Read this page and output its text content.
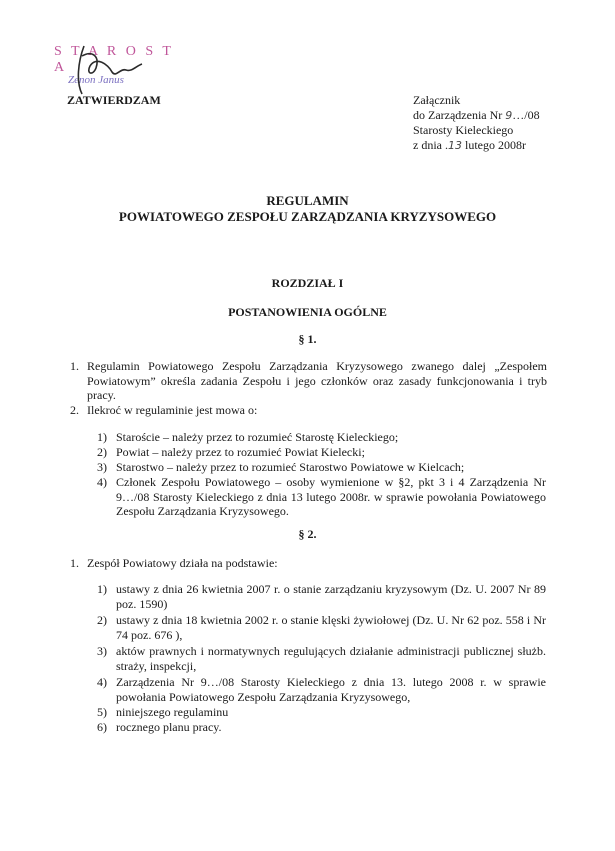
S T A R O S T A
Zenon Janus
ZATWIERDZAM	Załącznik
do Zarządzenia Nr 9…/08
Starosty Kieleckiego
z dnia .13 lutego 2008r
REGULAMIN
POWIATOWEGO ZESPOŁU ZARZĄDZANIA KRYZYSOWEGO
ROZDZIAŁ I
POSTANOWIENIA OGÓLNE
§ 1.
1. Regulamin Powiatowego Zespołu Zarządzania Kryzysowego zwanego dalej „Zespołem Powiatowym” określa zadania Zespołu i jego członków oraz zasady funkcjonowania i tryb pracy.
2. Ilekroć w regulaminie jest mowa o:
1) Staroście – należy przez to rozumieć Starostę Kieleckiego;
2) Powiat – należy przez to rozumieć Powiat Kielecki;
3) Starostwo – należy przez to rozumieć Starostwo Powiatowe w Kielcach;
4) Członek Zespołu Powiatowego – osoby wymienione w §2, pkt 3 i 4 Zarządzenia Nr 9…/08 Starosty Kieleckiego z dnia 13 lutego 2008r. w sprawie powołania Powiatowego Zespołu Zarządzania Kryzysowego.
§ 2.
1. Zespół Powiatowy działa na podstawie:
1) ustawy z dnia 26 kwietnia 2007 r. o stanie zarządzaniu kryzysowym (Dz. U. 2007 Nr 89 poz. 1590)
2) ustawy z dnia 18 kwietnia 2002 r. o stanie klęski żywiołowej (Dz. U. Nr 62 poz. 558 i Nr 74 poz. 676 ),
3) aktów prawnych i normatywnych regulujących działanie administracji publicznej służb. straży, inspekcji,
4) Zarządzenia Nr 9…/08 Starosty Kieleckiego z dnia 13. lutego 2008 r. w sprawie powołania Powiatowego Zespołu Zarządzania Kryzysowego,
5) niniejszego regulaminu
6) rocznego planu pracy.
